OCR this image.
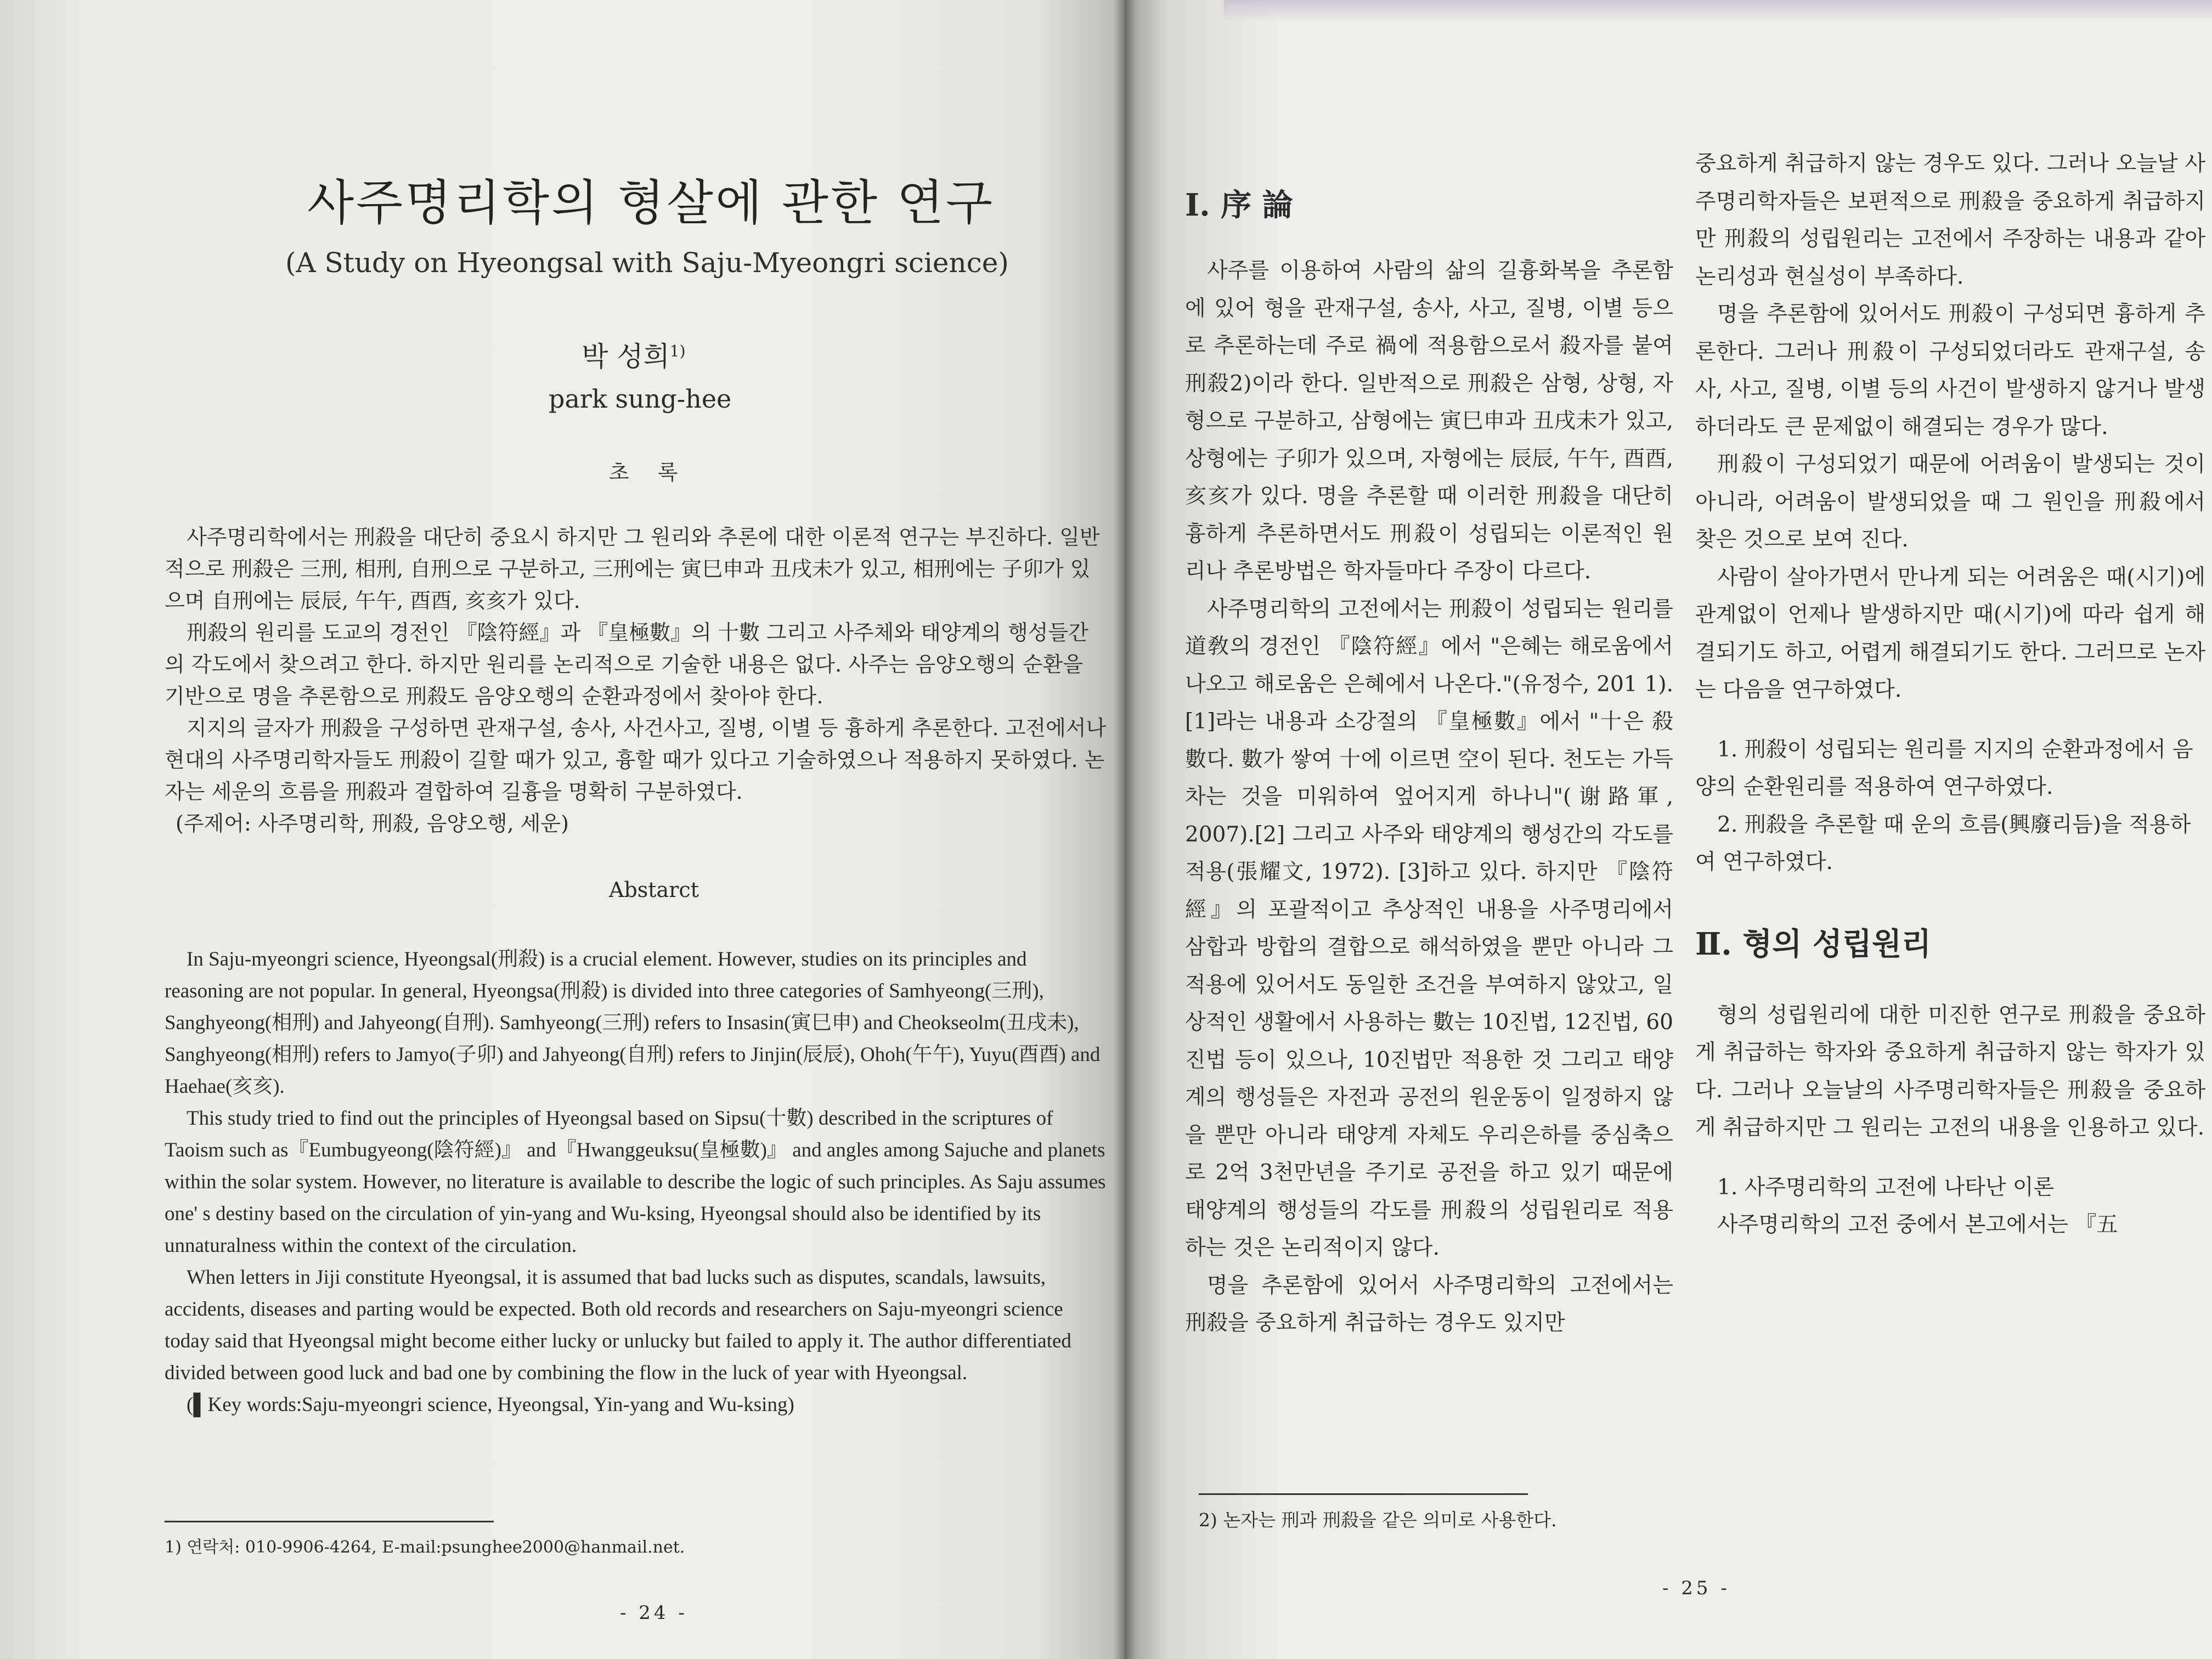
사주명리학의 형살에 관한 연구
(A Study on Hyeongsal with Saju-Myeongri science)
박 성희$^{1)}$
park sung-hee
초 록

사주명리학에서는 刑殺을 대단히 중요시 하지만 그 원리와 추론에 대한 이론적 연구는 부진하다. 일반적으로 刑殺은 三刑, 相刑, 自刑으로 구분하고, 三刑에는 寅巳申과 丑戌未가 있고, 相刑에는 子卯가 있으며 自刑에는 辰辰, 午午, 酉酉, 亥亥가 있다.

刑殺의 원리를 도교의 경전인 『陰符經』과 『皇極數』의 十數 그리고 사주체와 태양계의 행성들간의 각도에서 찾으려고 한다. 하지만 원리를 논리적으로 기술한 내용은 없다. 사주는 음양오행의 순환을 기반으로 명을 추론함으로 刑殺도 음양오행의 순환과정에서 찾아야 한다.

지지의 글자가 刑殺을 구성하면 관재구설, 송사, 사건사고, 질병, 이별 등 흉하게 추론한다. 고전에서나 현대의 사주명리학자들도 刑殺이 길할 때가 있고, 흉할 때가 있다고 기술하였으나 적용하지 못하였다. 논자는 세운의 흐름을 刑殺과 결합하여 길흉을 명확히 구분하였다.

(주제어: 사주명리학, 刑殺, 음양오행, 세운)

Abstarct

In Saju-myeongri science, Hyeongsal(刑殺) is a crucial element. However, studies on its principles and reasoning are not popular. In general, Hyeongsa(刑殺) is divided into three categories of Samhyeong(三刑), Sanghyeong(相刑) and Jahyeong(自刑). Samhyeong(三刑) refers to Insasin(寅巳申) and Cheokseolm(丑戌未), Sanghyeong(相刑) refers to Jamyo(子卯) and Jahyeong(自刑) refers to Jinjin(辰辰), Ohoh(午午), Yuyu(酉酉) and Haehae(亥亥).

This study tried to find out the principles of Hyeongsal based on Sipsu(十數) described in the scriptures of Taoism such as『Eumbugyeong(陰符經)』 and『Hwanggeuksu(皇極數)』 and angles among Sajuche and planets within the solar system. However, no literature is available to describe the logic of such principles. As Saju assumes one' s destiny based on the circulation of yin-yang and Wu-ksing, Hyeongsal should also be identified by its unnaturalness within the context of the circulation.

When letters in Jiji constitute Hyeongsal, it is assumed that bad lucks such as disputes, scandals, lawsuits, accidents, diseases and parting would be expected. Both old records and researchers on Saju-myeongri science today said that Hyeongsal might become either lucky or unlucky but failed to apply it. The author differentiated divided between good luck and bad one by combining the flow in the luck of year with Hyeongsal.

(▌Key words:Saju-myeongri science, Hyeongsal, Yin-yang and Wu-ksing)

1) 연락처: 010-9906-4264, E-mail:psunghee2000@hanmail.net.
- 24 -

Ⅰ. 序 論

사주를 이용하여 사람의 삶의 길흉화복을 추론함에 있어 형을 관재구설, 송사, 사고, 질병, 이별 등으로 추론하는데 주로 禍에 적용함으로서 殺자를 붙여 刑殺2)이라 한다. 일반적으로 刑殺은 삼형, 상형, 자형으로 구분하고, 삼형에는 寅巳申과 丑戌未가 있고, 상형에는 子卯가 있으며, 자형에는 辰辰, 午午, 酉酉, 亥亥가 있다. 명을 추론할 때 이러한 刑殺을 대단히 흉하게 추론하면서도 刑殺이 성립되는 이론적인 원리나 추론방법은 학자들마다 주장이 다르다.

사주명리학의 고전에서는 刑殺이 성립되는 원리를 道敎의 경전인 『陰符經』에서 "은혜는 해로움에서 나오고 해로움은 은혜에서 나온다."(유정수, 201 1).[1]라는 내용과 소강절의 『皇極數』에서 "十은 殺數다. 數가 쌓여 十에 이르면 空이 된다. 천도는 가득 차는 것을 미워하여 엎어지게 하나니"(谢路軍, 2007).[2] 그리고 사주와 태양계의 행성간의 각도를 적용(張耀文, 1972). [3]하고 있다. 하지만 『陰符經』의 포괄적이고 추상적인 내용을 사주명리에서 삼합과 방합의 결합으로 해석하였을 뿐만 아니라 그 적용에 있어서도 동일한 조건을 부여하지 않았고, 일상적인 생활에서 사용하는 數는 10진법, 12진법, 60진법 등이 있으나, 10진법만 적용한 것 그리고 태양계의 행성들은 자전과 공전의 원운동이 일정하지 않을 뿐만 아니라 태양계 자체도 우리은하를 중심축으로 2억 3천만년을 주기로 공전을 하고 있기 때문에 태양계의 행성들의 각도를 刑殺의 성립원리로 적용하는 것은 논리적이지 않다.

명을 추론함에 있어서 사주명리학의 고전에서는 刑殺을 중요하게 취급하는 경우도 있지만

중요하게 취급하지 않는 경우도 있다. 그러나 오늘날 사주명리학자들은 보편적으로 刑殺을 중요하게 취급하지만 刑殺의 성립원리는 고전에서 주장하는 내용과 같아 논리성과 현실성이 부족하다.

명을 추론함에 있어서도 刑殺이 구성되면 흉하게 추론한다. 그러나 刑殺이 구성되었더라도 관재구설, 송사, 사고, 질병, 이별 등의 사건이 발생하지 않거나 발생하더라도 큰 문제없이 해결되는 경우가 많다.

刑殺이 구성되었기 때문에 어려움이 발생되는 것이 아니라, 어려움이 발생되었을 때 그 원인을 刑殺에서 찾은 것으로 보여 진다.

사람이 살아가면서 만나게 되는 어려움은 때(시기)에 관계없이 언제나 발생하지만 때(시기)에 따라 쉽게 해결되기도 하고, 어렵게 해결되기도 한다. 그러므로 논자는 다음을 연구하였다.

1. 刑殺이 성립되는 원리를 지지의 순환과정에서 음양의 순환원리를 적용하여 연구하였다.

2. 刑殺을 추론할 때 운의 흐름(興廢리듬)을 적용하여 연구하였다.

Ⅱ. 형의 성립원리

형의 성립원리에 대한 미진한 연구로 刑殺을 중요하게 취급하는 학자와 중요하게 취급하지 않는 학자가 있다. 그러나 오늘날의 사주명리학자들은 刑殺을 중요하게 취급하지만 그 원리는 고전의 내용을 인용하고 있다.

1. 사주명리학의 고전에 나타난 이론

사주명리학의 고전 중에서 본고에서는 『五

2) 논자는 刑과 刑殺을 같은 의미로 사용한다.
- 25 -
